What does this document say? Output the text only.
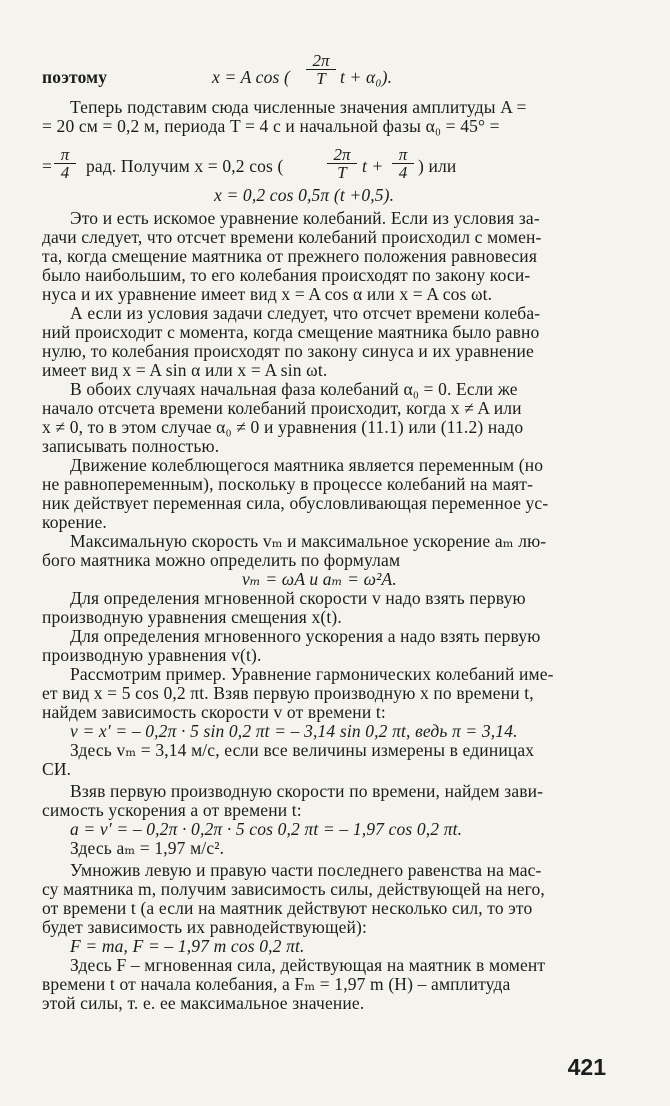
поэтому	x = A cos ( $\frac{2\pi}{T}$ t + α₀).
Теперь подставим сюда численные значения амплитуды A =
= 20 см = 0,2 м, периода T = 4 с и начальной фазы α₀ = 45° =
$\frac{\pi}{4}$
= рад. Получим x = 0,2 cos (	$\frac{2\pi}{T}$ $t + \frac{\pi}{4}$ ) или
x = 0,2 cos 0,5π (t +0,5).
Это и есть искомое уравнение колебаний. Если из условия за-
дачи следует, что отсчет времени колебаний происходил с момен-
та, когда смещение маятника от прежнего положения равновесия
было наибольшим, то его колебания происходят по закону коси-
нуса и их уравнение имеет вид x = A cos α или x = A cos ωt.
А если из условия задачи следует, что отсчет времени колеба-
ний происходит с момента, когда смещение маятника было равно
нулю, то колебания происходят по закону синуса и их уравнение
имеет вид x = A sin α или x = A sin ωt.
В обоих случаях начальная фаза колебаний α₀ = 0. Если же
начало отсчета времени колебаний происходит, когда x ≠ A или
x ≠ 0, то в этом случае α₀ ≠ 0 и уравнения (11.1) или (11.2) надо
записывать полностью.
Движение колеблющегося маятника является переменным (но
не равнопеременным), поскольку в процессе колебаний на маят-
ник действует переменная сила, обусловливающая переменное ус-
корение.
Максимальную скорость vₘ и максимальное ускорение aₘ лю-
бого маятника можно определить по формулам
vₘ = ωA и aₘ = ω²A.
Для определения мгновенной скорости v надо взять первую
производную уравнения смещения x(t).
Для определения мгновенного ускорения a надо взять первую
производную уравнения v(t).
Рассмотрим пример. Уравнение гармонических колебаний име-
ет вид x = 5 cos 0,2 πt. Взяв первую производную x по времени t,
найдем зависимость скорости v от времени t:
v = x′ = – 0,2π · 5 sin 0,2 πt = – 3,14 sin 0,2 πt, ведь π = 3,14.
Здесь vₘ = 3,14 м/с, если все величины измерены в единицах
СИ.
Взяв первую производную скорости по времени, найдем зави-
симость ускорения a от времени t:
a = v′ = – 0,2π · 0,2π · 5 cos 0,2 πt = – 1,97 cos 0,2 πt.
Здесь aₘ = 1,97 м/с².
Умножив левую и правую части последнего равенства на мас-
су маятника m, получим зависимость силы, действующей на него,
от времени t (а если на маятник действуют несколько сил, то это
будет зависимость их равнодействующей):
F = ma, F = – 1,97 m cos 0,2 πt.
Здесь F – мгновенная сила, действующая на маятник в момент
времени t от начала колебания, а Fₘ = 1,97 m (Н) – амплитуда
этой силы, т. е. ее максимальное значение.
421
